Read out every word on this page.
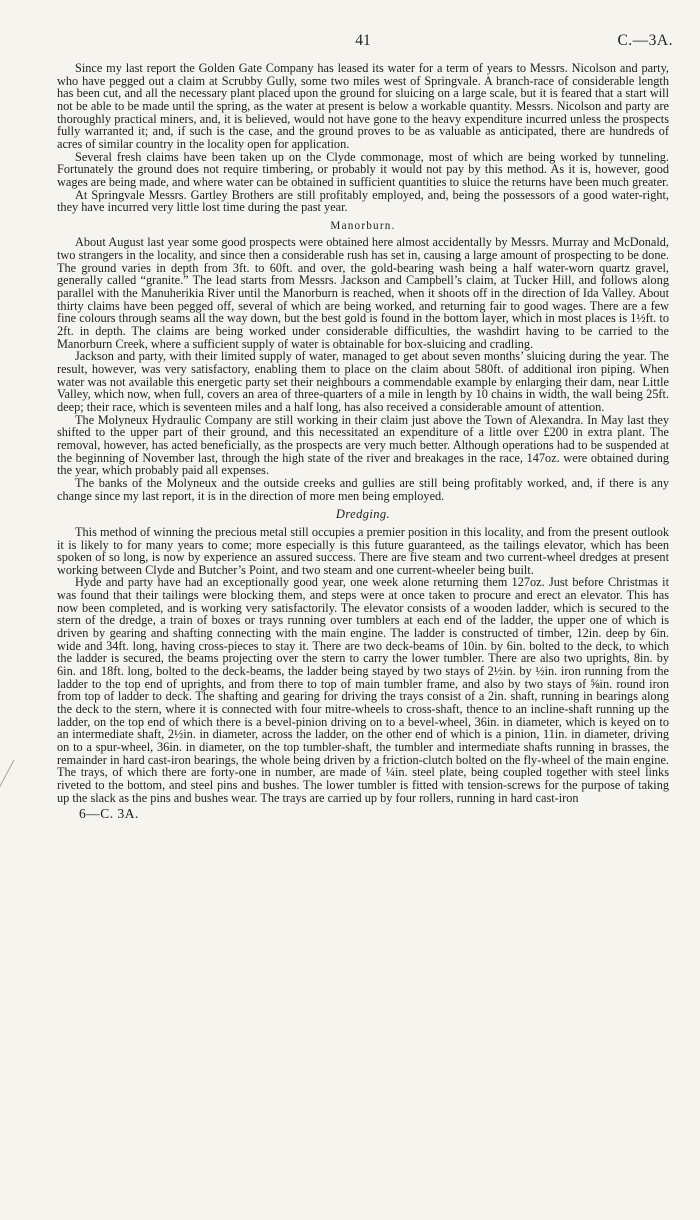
41	C.—3A.

Since my last report the Golden Gate Company has leased its water for a term of years to Messrs. Nicolson and party, who have pegged out a claim at Scrubby Gully, some two miles west of Springvale. A branch-race of considerable length has been cut, and all the necessary plant placed upon the ground for sluicing on a large scale, but it is feared that a start will not be able to be made until the spring, as the water at present is below a workable quantity. Messrs. Nicolson and party are thoroughly practical miners, and, it is believed, would not have gone to the heavy expenditure incurred unless the prospects fully warranted it; and, if such is the case, and the ground proves to be as valuable as anticipated, there are hundreds of acres of similar country in the locality open for application.

Several fresh claims have been taken up on the Clyde commonage, most of which are being worked by tunneling. Fortunately the ground does not require timbering, or probably it would not pay by this method. As it is, however, good wages are being made, and where water can be obtained in sufficient quantities to sluice the returns have been much greater.

At Springvale Messrs. Gartley Brothers are still profitably employed, and, being the possessors of a good water-right, they have incurred very little lost time during the past year.

Manorburn.

About August last year some good prospects were obtained here almost accidentally by Messrs. Murray and McDonald, two strangers in the locality, and since then a considerable rush has set in, causing a large amount of prospecting to be done. The ground varies in depth from 3ft. to 60ft. and over, the gold-bearing wash being a half water-worn quartz gravel, generally called “granite.” The lead starts from Messrs. Jackson and Campbell’s claim, at Tucker Hill, and follows along parallel with the Manuherikia River until the Manorburn is reached, when it shoots off in the direction of Ida Valley. About thirty claims have been pegged off, several of which are being worked, and returning fair to good wages. There are a few fine colours through seams all the way down, but the best gold is found in the bottom layer, which in most places is 1½ft. to 2ft. in depth. The claims are being worked under considerable difficulties, the washdirt having to be carried to the Manorburn Creek, where a sufficient supply of water is obtainable for box-sluicing and cradling.

Jackson and party, with their limited supply of water, managed to get about seven months’ sluicing during the year. The result, however, was very satisfactory, enabling them to place on the claim about 580ft. of additional iron piping. When water was not available this energetic party set their neighbours a commendable example by enlarging their dam, near Little Valley, which now, when full, covers an area of three-quarters of a mile in length by 10 chains in width, the wall being 25ft. deep; their race, which is seventeen miles and a half long, has also received a considerable amount of attention.

The Molyneux Hydraulic Company are still working in their claim just above the Town of Alexandra. In May last they shifted to the upper part of their ground, and this necessitated an expenditure of a little over £200 in extra plant. The removal, however, has acted beneficially, as the prospects are very much better. Although operations had to be suspended at the beginning of November last, through the high state of the river and breakages in the race, 147oz. were obtained during the year, which probably paid all expenses.

The banks of the Molyneux and the outside creeks and gullies are still being profitably worked, and, if there is any change since my last report, it is in the direction of more men being employed.

Dredging.

This method of winning the precious metal still occupies a premier position in this locality, and from the present outlook it is likely to for many years to come; more especially is this future guaranteed, as the tailings elevator, which has been spoken of so long, is now by experience an assured success. There are five steam and two current-wheel dredges at present working between Clyde and Butcher’s Point, and two steam and one current-wheeler being built.

Hyde and party have had an exceptionally good year, one week alone returning them 127oz. Just before Christmas it was found that their tailings were blocking them, and steps were at once taken to procure and erect an elevator. This has now been completed, and is working very satisfactorily. The elevator consists of a wooden ladder, which is secured to the stern of the dredge, a train of boxes or trays running over tumblers at each end of the ladder, the upper one of which is driven by gearing and shafting connecting with the main engine. The ladder is constructed of timber, 12in. deep by 6in. wide and 34ft. long, having cross-pieces to stay it. There are two deck-beams of 10in. by 6in. bolted to the deck, to which the ladder is secured, the beams projecting over the stern to carry the lower tumbler. There are also two uprights, 8in. by 6in. and 18ft. long, bolted to the deck-beams, the ladder being stayed by two stays of 2½in. by ½in. iron running from the ladder to the top end of uprights, and from there to top of main tumbler frame, and also by two stays of ⅝in. round iron from top of ladder to deck. The shafting and gearing for driving the trays consist of a 2in. shaft, running in bearings along the deck to the stern, where it is connected with four mitre-wheels to cross-shaft, thence to an incline-shaft running up the ladder, on the top end of which there is a bevel-pinion driving on to a bevel-wheel, 36in. in diameter, which is keyed on to an intermediate shaft, 2½in. in diameter, across the ladder, on the other end of which is a pinion, 11in. in diameter, driving on to a spur-wheel, 36in. in diameter, on the top tumbler-shaft, the tumbler and intermediate shafts running in brasses, the remainder in hard cast-iron bearings, the whole being driven by a friction-clutch bolted on the fly-wheel of the main engine. The trays, of which there are forty-one in number, are made of ¼in. steel plate, being coupled together with steel links riveted to the bottom, and steel pins and bushes. The lower tumbler is fitted with tension-screws for the purpose of taking up the slack as the pins and bushes wear. The trays are carried up by four rollers, running in hard cast-iron

6—C. 3A.
